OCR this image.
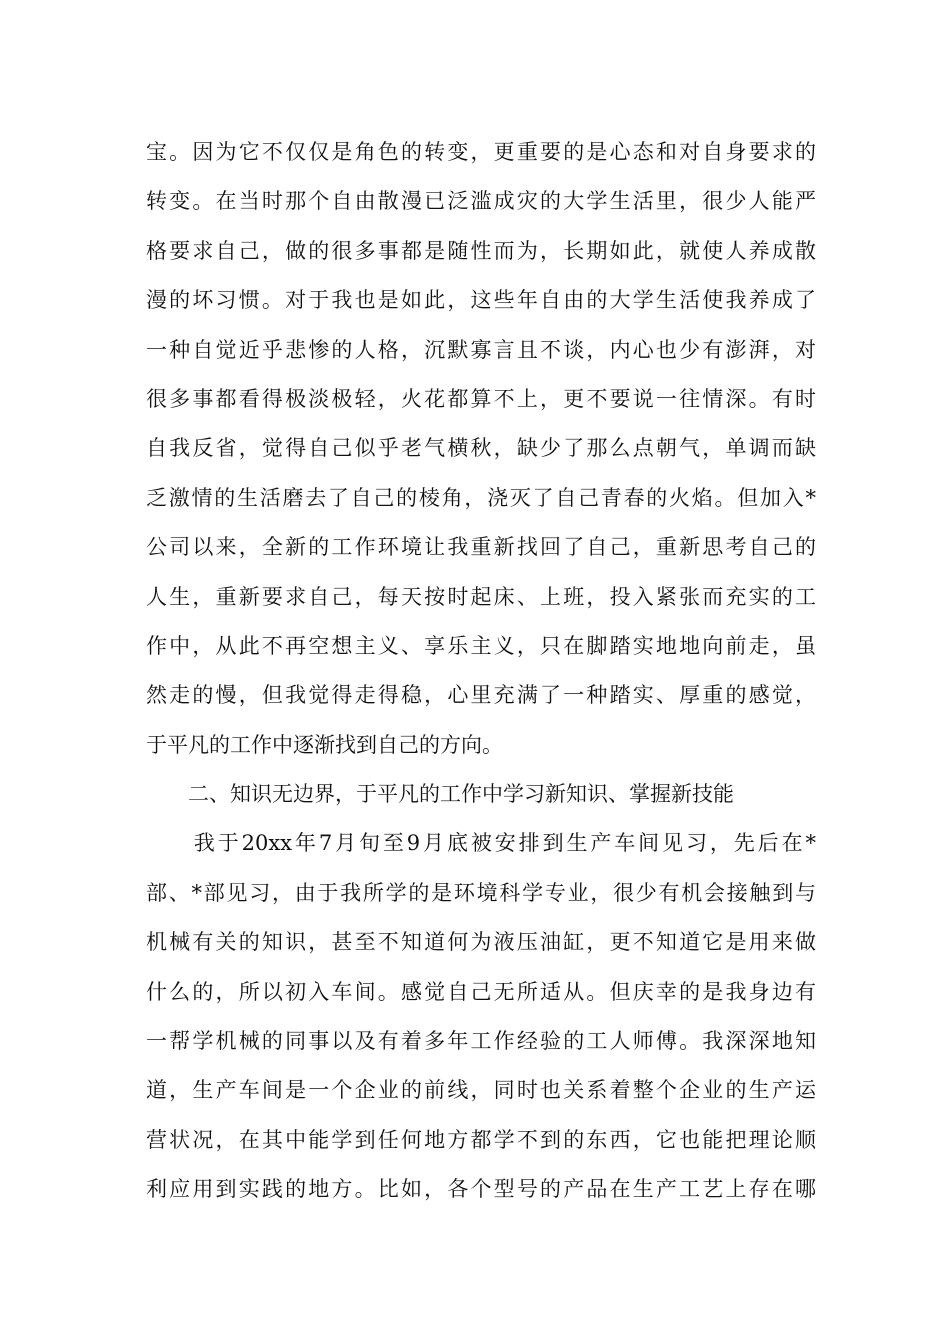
宝。因为它不仅仅是角色的转变，更重要的是心态和对自身要求的
转变。在当时那个自由散漫已泛滥成灾的大学生活里，很少人能严
格要求自己，做的很多事都是随性而为，长期如此，就使人养成散
漫的坏习惯。对于我也是如此，这些年自由的大学生活使我养成了
一种自觉近乎悲惨的人格，沉默寡言且不谈，内心也少有澎湃，对
很多事都看得极淡极轻，火花都算不上，更不要说一往情深。有时
自我反省，觉得自己似乎老气横秋，缺少了那么点朝气，单调而缺
乏激情的生活磨去了自己的棱角，浇灭了自己青春的火焰。但加入*
公司以来，全新的工作环境让我重新找回了自己，重新思考自己的
人生，重新要求自己，每天按时起床、上班，投入紧张而充实的工
作中，从此不再空想主义、享乐主义，只在脚踏实地地向前走，虽
然走的慢，但我觉得走得稳，心里充满了一种踏实、厚重的感觉，
于平凡的工作中逐渐找到自己的方向。
　　二、知识无边界，于平凡的工作中学习新知识、掌握新技能
　　我于20xx年7月旬至9月底被安排到生产车间见习，先后在*
部、*部见习，由于我所学的是环境科学专业，很少有机会接触到与
机械有关的知识，甚至不知道何为液压油缸，更不知道它是用来做
什么的，所以初入车间。感觉自己无所适从。但庆幸的是我身边有
一帮学机械的同事以及有着多年工作经验的工人师傅。我深深地知
道，生产车间是一个企业的前线，同时也关系着整个企业的生产运
营状况，在其中能学到任何地方都学不到的东西，它也能把理论顺
利应用到实践的地方。比如，各个型号的产品在生产工艺上存在哪
